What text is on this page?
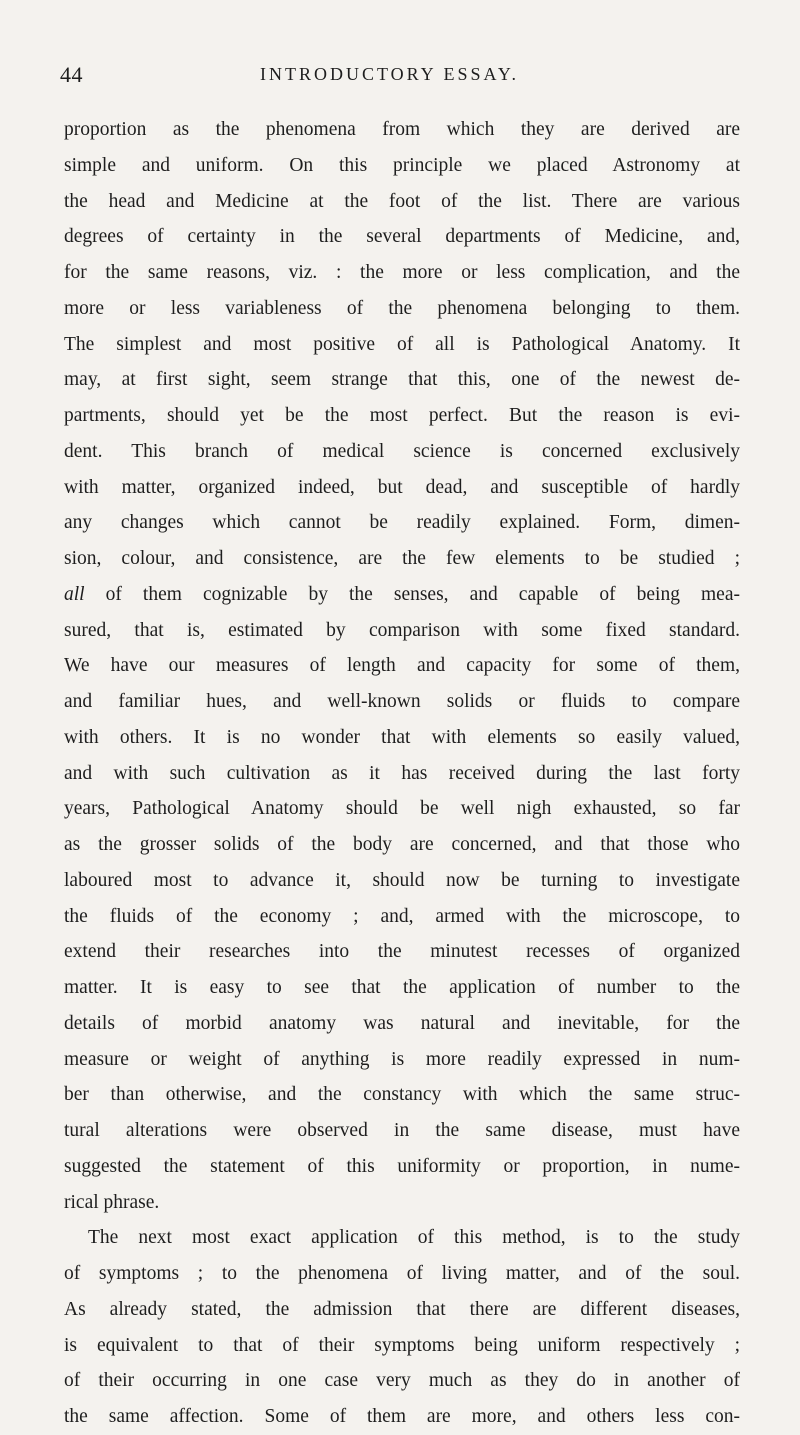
44	INTRODUCTORY ESSAY.
proportion as the phenomena from which they are derived are
simple and uniform. On this principle we placed Astronomy at
the head and Medicine at the foot of the list. There are various
degrees of certainty in the several departments of Medicine, and,
for the same reasons, viz. : the more or less complication, and the
more or less variableness of the phenomena belonging to them.
The simplest and most positive of all is Pathological Anatomy. It
may, at first sight, seem strange that this, one of the newest de-
partments, should yet be the most perfect. But the reason is evi-
dent. This branch of medical science is concerned exclusively
with matter, organized indeed, but dead, and susceptible of hardly
any changes which cannot be readily explained. Form, dimen-
sion, colour, and consistence, are the few elements to be studied ;
all of them cognizable by the senses, and capable of being mea-
sured, that is, estimated by comparison with some fixed standard.
We have our measures of length and capacity for some of them,
and familiar hues, and well-known solids or fluids to compare
with others. It is no wonder that with elements so easily valued,
and with such cultivation as it has received during the last forty
years, Pathological Anatomy should be well nigh exhausted, so far
as the grosser solids of the body are concerned, and that those who
laboured most to advance it, should now be turning to investigate
the fluids of the economy ; and, armed with the microscope, to
extend their researches into the minutest recesses of organized
matter. It is easy to see that the application of number to the
details of morbid anatomy was natural and inevitable, for the
measure or weight of anything is more readily expressed in num-
ber than otherwise, and the constancy with which the same struc-
tural alterations were observed in the same disease, must have
suggested the statement of this uniformity or proportion, in nume-
rical phrase.
The next most exact application of this method, is to the study
of symptoms ; to the phenomena of living matter, and of the soul.
As already stated, the admission that there are different diseases,
is equivalent to that of their symptoms being uniform respectively ;
of their occurring in one case very much as they do in another of
the same affection. Some of them are more, and others less con-
